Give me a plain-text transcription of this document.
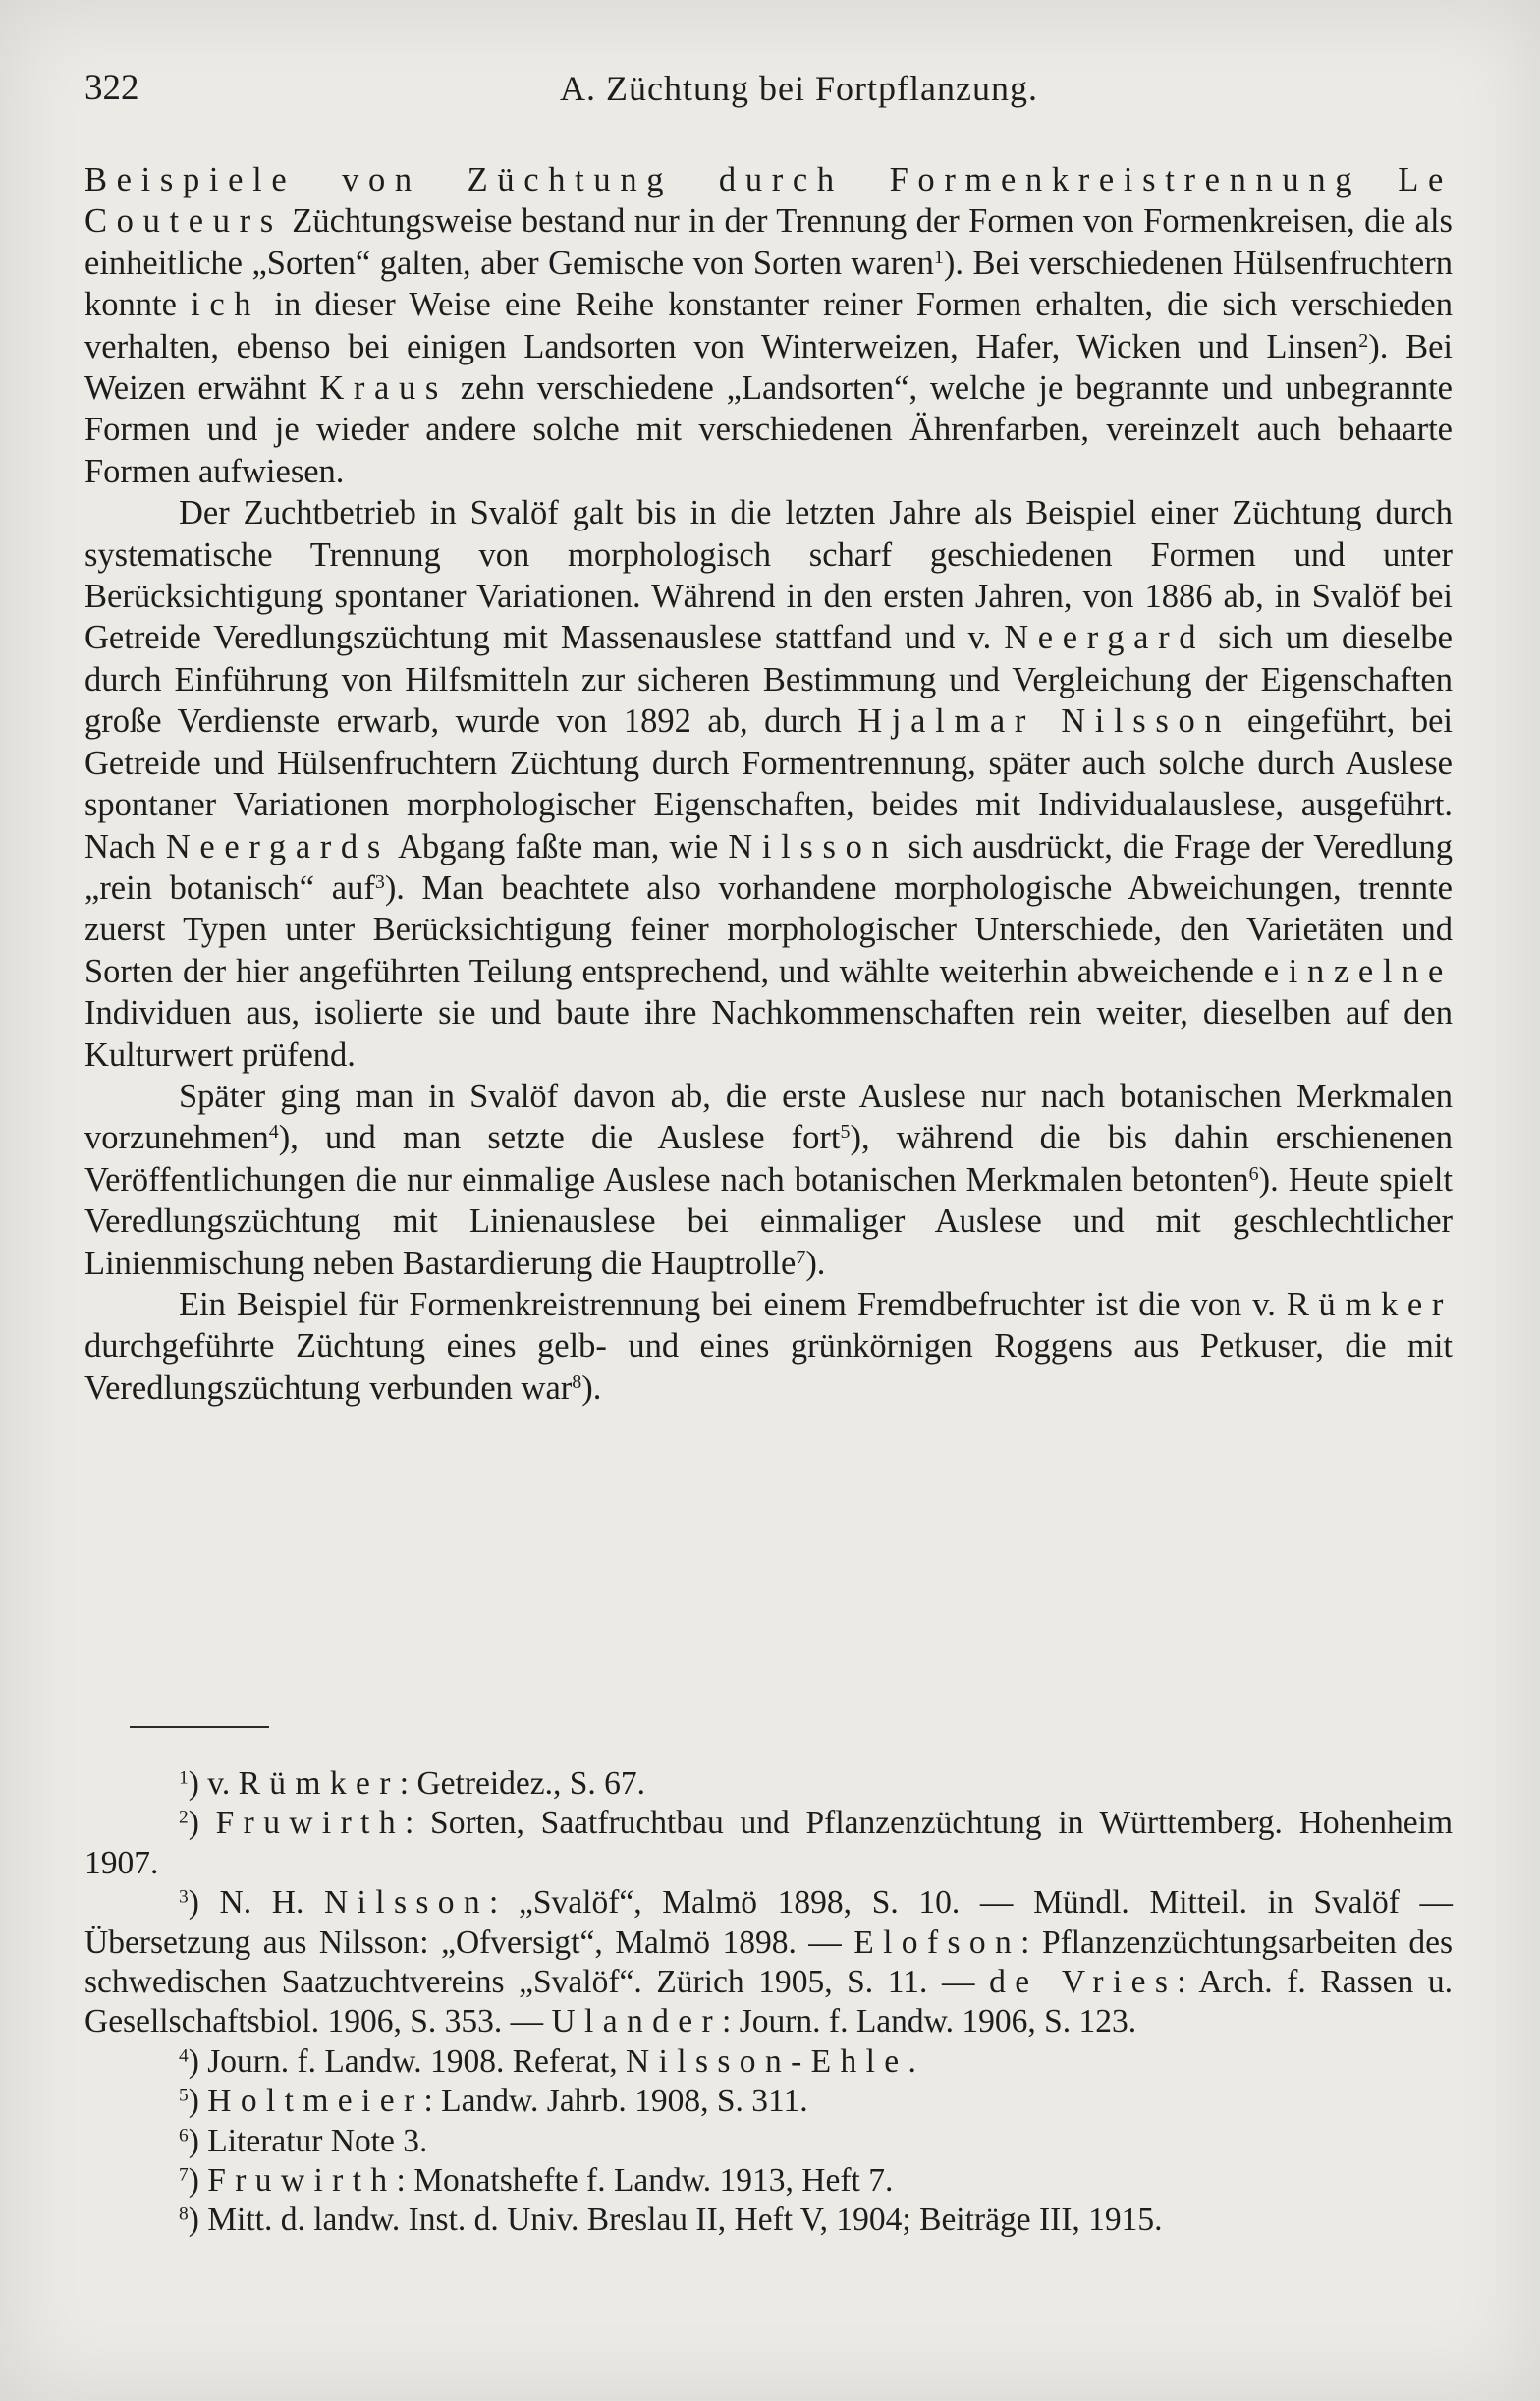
322	A. Züchtung bei Fortpflanzung.

Beispiele von Züchtung durch Formenkreistrennung Le Couteurs Züchtungsweise bestand nur in der Trennung der Formen von Formenkreisen, die als einheitliche „Sorten“ galten, aber Gemische von Sorten waren$^1$). Bei verschiedenen Hülsenfruchtern konnte ich in dieser Weise eine Reihe konstanter reiner Formen erhalten, die sich verschieden verhalten, ebenso bei einigen Landsorten von Winterweizen, Hafer, Wicken und Linsen$^2$). Bei Weizen erwähnt Kraus zehn verschiedene „Landsorten“, welche je begrannte und unbegrannte Formen und je wieder andere solche mit verschiedenen Ährenfarben, vereinzelt auch behaarte Formen aufwiesen.

Der Zuchtbetrieb in Svalöf galt bis in die letzten Jahre als Beispiel einer Züchtung durch systematische Trennung von morphologisch scharf geschiedenen Formen und unter Berücksichtigung spontaner Variationen. Während in den ersten Jahren, von 1886 ab, in Svalöf bei Getreide Veredlungszüchtung mit Massenauslese stattfand und v. Neergard sich um dieselbe durch Einführung von Hilfsmitteln zur sicheren Bestimmung und Vergleichung der Eigenschaften große Verdienste erwarb, wurde von 1892 ab, durch Hjalmar Nilsson eingeführt, bei Getreide und Hülsenfruchtern Züchtung durch Formentrennung, später auch solche durch Auslese spontaner Variationen morphologischer Eigenschaften, beides mit Individualauslese, ausgeführt. Nach Neergards Abgang faßte man, wie Nilsson sich ausdrückt, die Frage der Veredlung „rein botanisch“ auf$^3$). Man beachtete also vorhandene morphologische Abweichungen, trennte zuerst Typen unter Berücksichtigung feiner morphologischer Unterschiede, den Varietäten und Sorten der hier angeführten Teilung entsprechend, und wählte weiterhin abweichende einzelne Individuen aus, isolierte sie und baute ihre Nachkommenschaften rein weiter, dieselben auf den Kulturwert prüfend.

Später ging man in Svalöf davon ab, die erste Auslese nur nach botanischen Merkmalen vorzunehmen$^4$), und man setzte die Auslese fort$^5$), während die bis dahin erschienenen Veröffentlichungen die nur einmalige Auslese nach botanischen Merkmalen betonten$^6$). Heute spielt Veredlungszüchtung mit Linienauslese bei einmaliger Auslese und mit geschlechtlicher Linienmischung neben Bastardierung die Hauptrolle$^7$).

Ein Beispiel für Formenkreistrennung bei einem Fremdbefruchter ist die von v. Rümker durchgeführte Züchtung eines gelb- und eines grünkörnigen Roggens aus Petkuser, die mit Veredlungszüchtung verbunden war$^8$).

$^1$) v. Rümker: Getreidez., S. 67.

$^2$) Fruwirth: Sorten, Saatfruchtbau und Pflanzenzüchtung in Württemberg. Hohenheim 1907.

$^3$) N. H. Nilsson: „Svalöf“, Malmö 1898, S. 10. — Mündl. Mitteil. in Svalöf — Übersetzung aus Nilsson: „Ofversigt“, Malmö 1898. — Elofson: Pflanzenzüchtungsarbeiten des schwedischen Saatzuchtvereins „Svalöf“. Zürich 1905, S. 11. — de Vries: Arch. f. Rassen u. Gesellschaftsbiol. 1906, S. 353. — Ulander: Journ. f. Landw. 1906, S. 123.

$^4$) Journ. f. Landw. 1908. Referat, Nilsson-Ehle.

$^5$) Holtmeier: Landw. Jahrb. 1908, S. 311.

$^6$) Literatur Note 3.

$^7$) Fruwirth: Monatshefte f. Landw. 1913, Heft 7.

$^8$) Mitt. d. landw. Inst. d. Univ. Breslau II, Heft V, 1904; Beiträge III, 1915.
